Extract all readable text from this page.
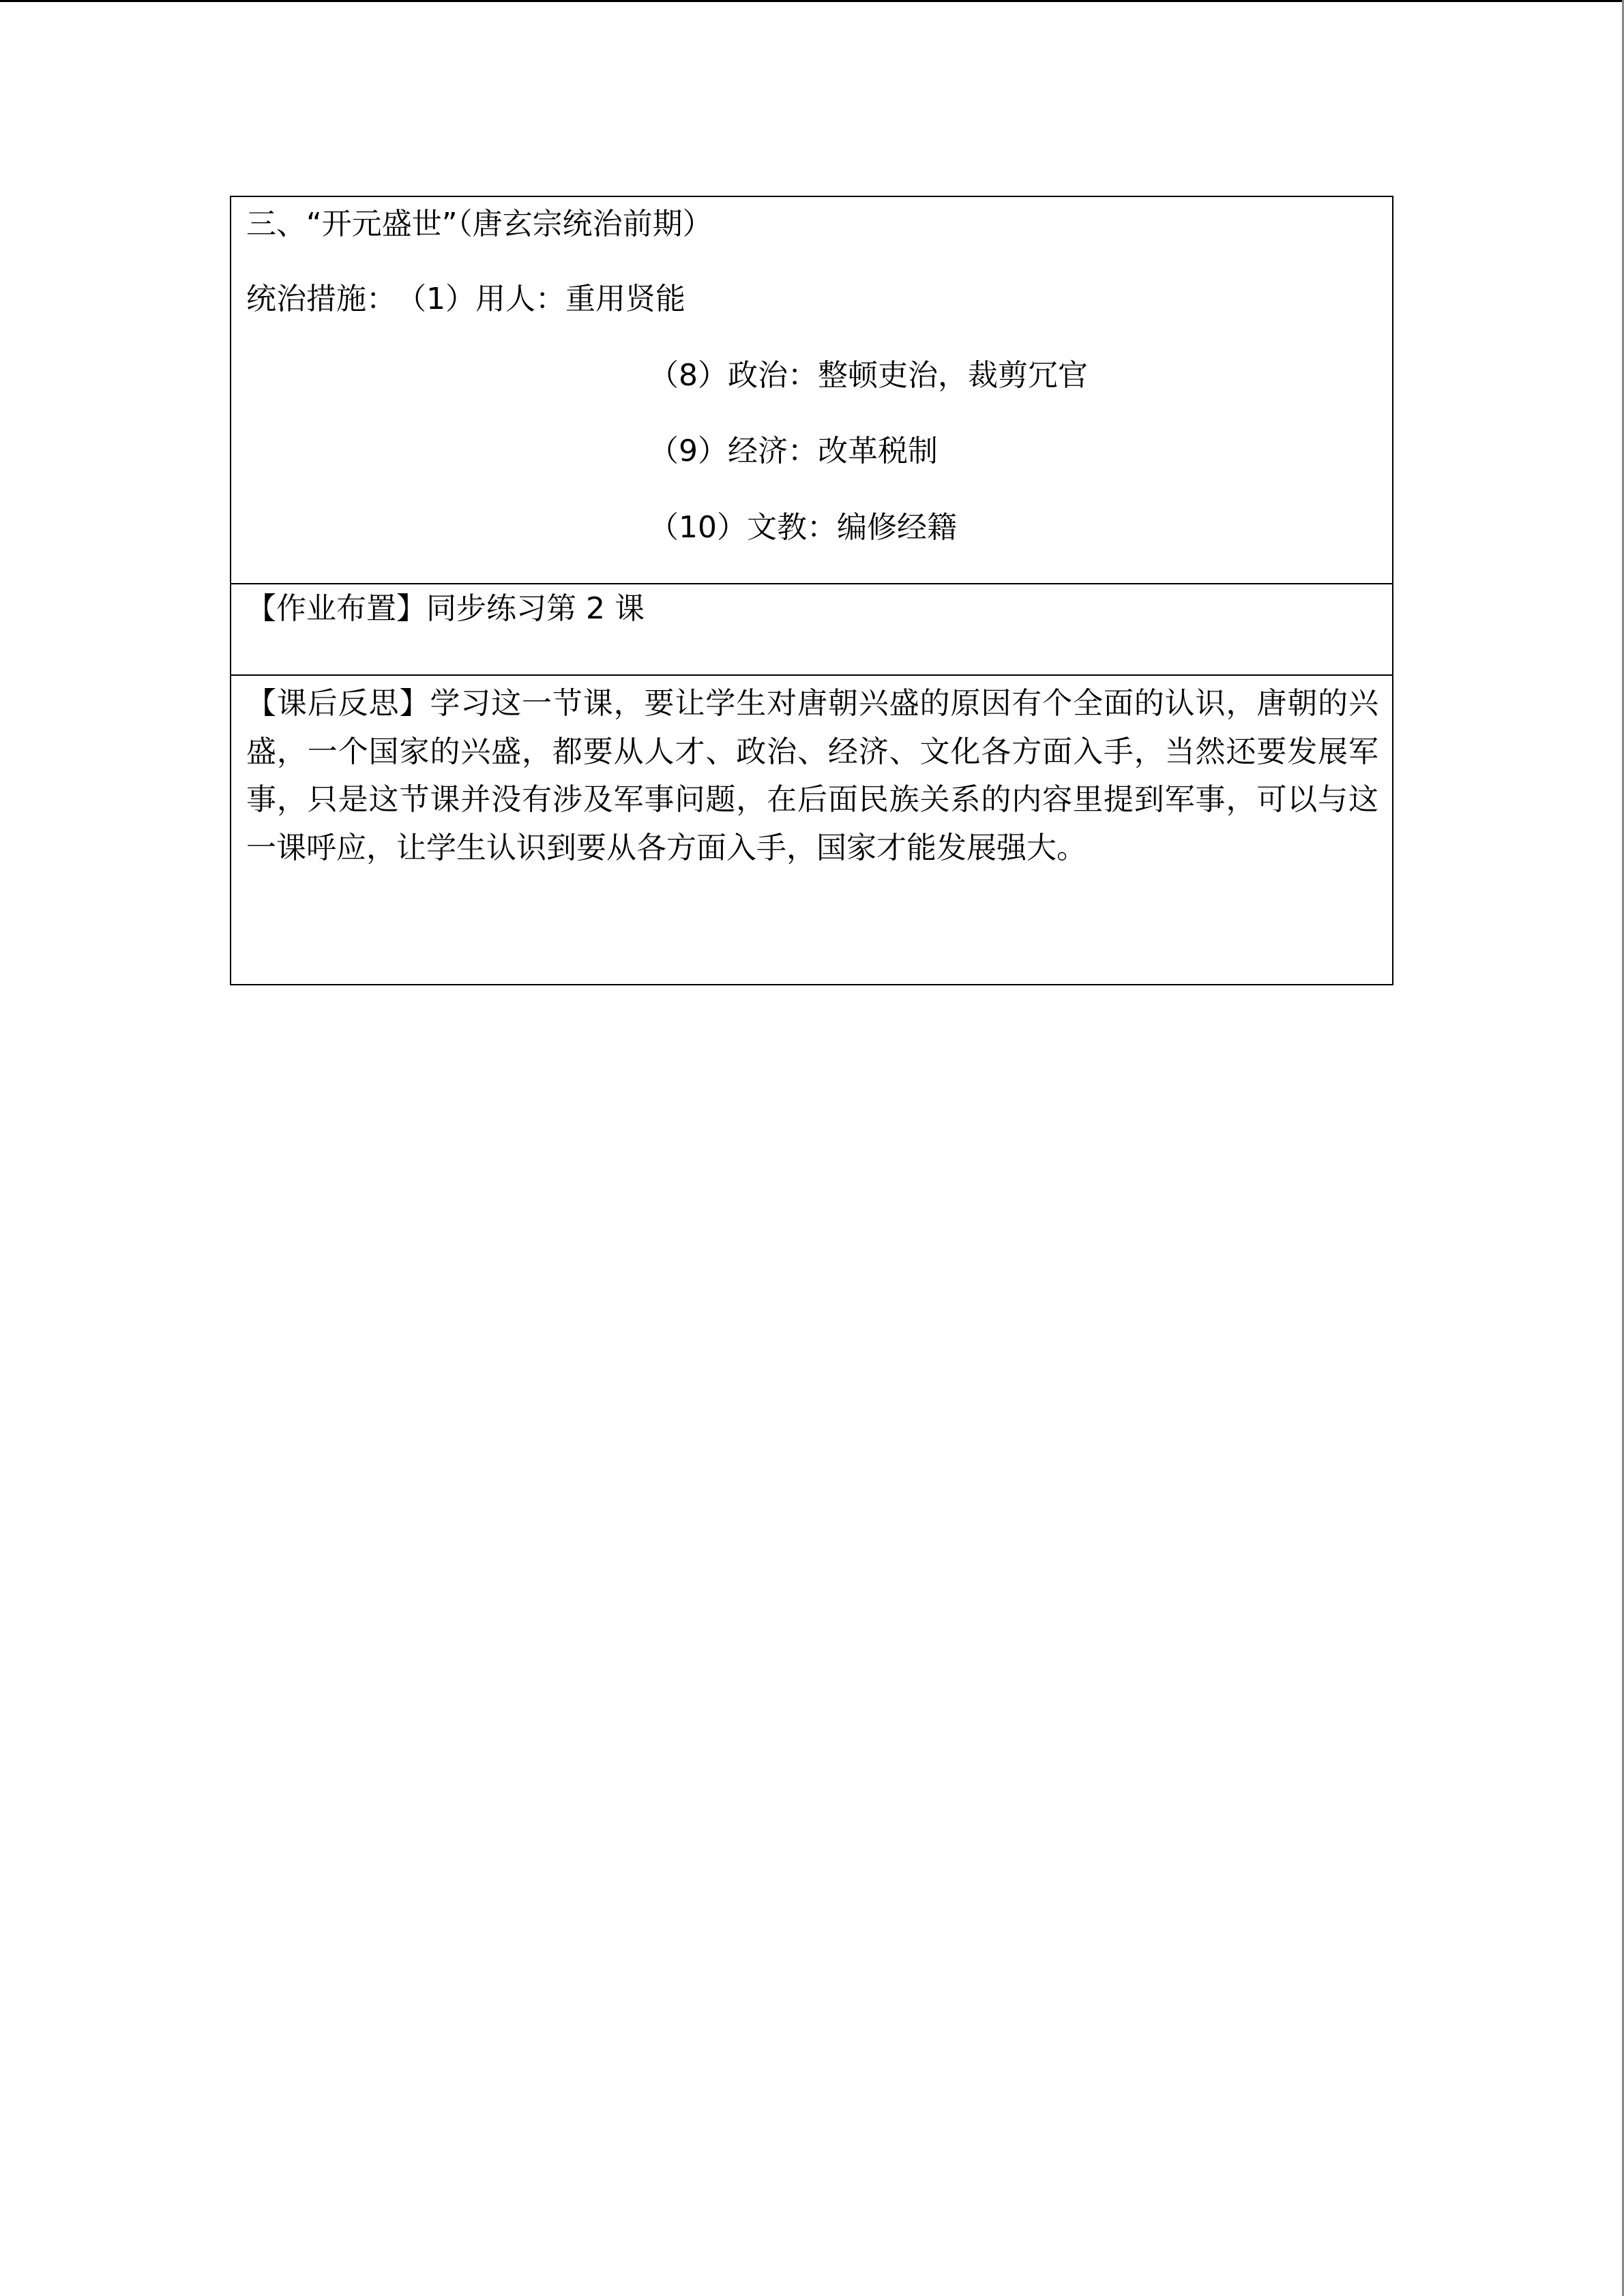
三、“开元盛世”（唐玄宗统治前期）
统治措施： （1）用人：重用贤能
（8）政治：整顿吏治，裁剪冗官
（9）经济：改革税制
（10）文教：编修经籍
【作业布置】同步练习第 2 课
【课后反思】学习这一节课，要让学生对唐朝兴盛的原因有个全面的认识，唐朝的兴盛，一个国家的兴盛，都要从人才、政治、经济、文化各方面入手，当然还要发展军事，只是这节课并没有涉及军事问题，在后面民族关系的内容里提到军事，可以与这一课呼应，让学生认识到要从各方面入手，国家才能发展强大。
